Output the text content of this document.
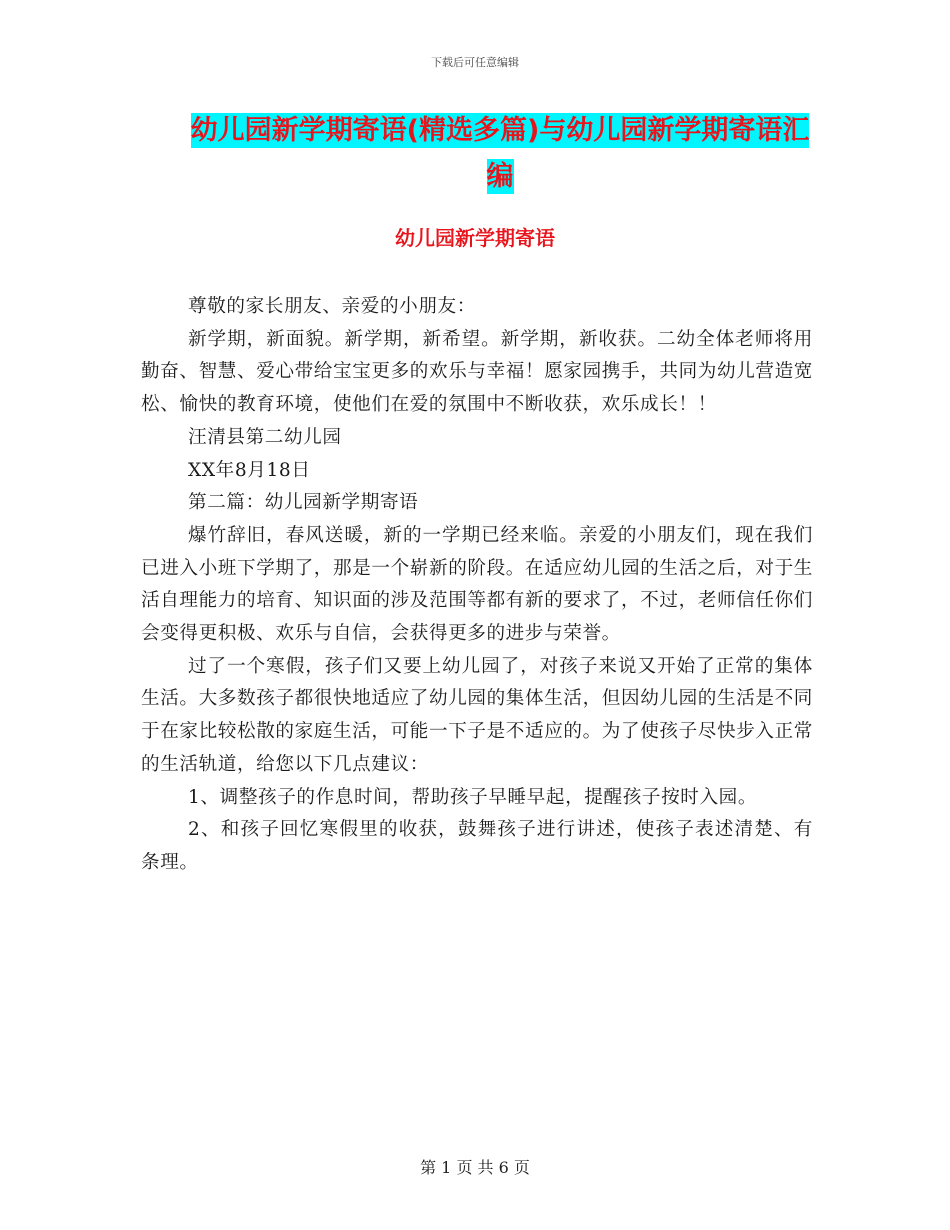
下载后可任意编辑
幼儿园新学期寄语(精选多篇)与幼儿园新学期寄语汇编
幼儿园新学期寄语

尊敬的家长朋友、亲爱的小朋友：

新学期，新面貌。新学期，新希望。新学期，新收获。二幼全体老师将用勤奋、智慧、爱心带给宝宝更多的欢乐与幸福！愿家园携手，共同为幼儿营造宽松、愉快的教育环境，使他们在爱的氛围中不断收获，欢乐成长！！

汪清县第二幼儿园

XX年8月18日

第二篇：幼儿园新学期寄语

爆竹辞旧，春风送暖，新的一学期已经来临。亲爱的小朋友们，现在我们已进入小班下学期了，那是一个崭新的阶段。在适应幼儿园的生活之后，对于生活自理能力的培育、知识面的涉及范围等都有新的要求了，不过，老师信任你们会变得更积极、欢乐与自信，会获得更多的进步与荣誉。

过了一个寒假，孩子们又要上幼儿园了，对孩子来说又开始了正常的集体生活。大多数孩子都很快地适应了幼儿园的集体生活，但因幼儿园的生活是不同于在家比较松散的家庭生活，可能一下子是不适应的。为了使孩子尽快步入正常的生活轨道，给您以下几点建议：

1、调整孩子的作息时间，帮助孩子早睡早起，提醒孩子按时入园。

2、和孩子回忆寒假里的收获，鼓舞孩子进行讲述，使孩子表述清楚、有条理。

第 1 页 共 6 页
